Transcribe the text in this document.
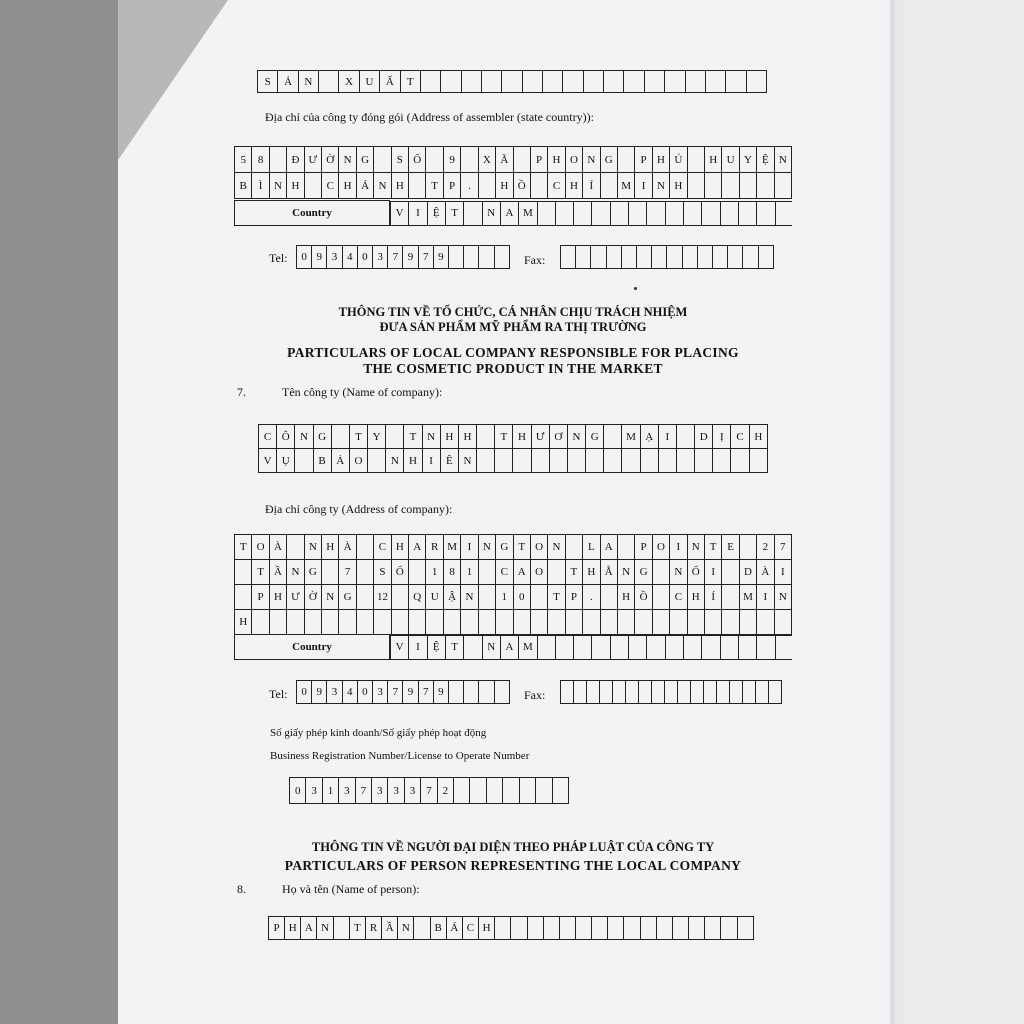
S	Ả	N		X	U	Ấ	T																	
Địa chỉ của công ty đóng gói (Address of assembler (state country)):
5	8		Đ	Ư	Ờ	N	G		S	Ố		9		X	Ã		P	H	O	N	G		P	H	Ú		H	U	Y	Ệ	N
B	Ì	N	H		C	H	Á	N	H		T	P	.		H	Ồ		C	H	Í		M	I	N	H						
Country		V	I	Ệ	T		N	A	M														
Tel: 0	9	3	4	0	3	7	9	7	9					Fax:

THÔNG TIN VỀ TỔ CHỨC, CÁ NHÂN CHỊU TRÁCH NHIỆM
ĐƯA SẢN PHẨM MỸ PHẨM RA THỊ TRƯỜNG
PARTICULARS OF LOCAL COMPANY RESPONSIBLE FOR PLACING
THE COSMETIC PRODUCT IN THE MARKET
7.	Tên công ty (Name of company):
C	Ô	N	G		T	Y		T	N	H	H		T	H	Ư	Ơ	N	G		M	Ạ	I		D	Ị	C	H
V	Ụ		B	Ả	O		N	H	I	Ê	N																
Địa chỉ công ty (Address of company):
T	O	À		N	H	À		C	H	A	R	M	I	N	G	T	O	N		L	A		P	O	I	N	T	E		2	7
	T	Ầ	N	G		7		S	Ố		1	8	1		C	A	O		T	H	Ắ	N	G		N	Ố	I		D	À	I
	P	H	Ư	Ờ	N	G		12		Q	U	Ậ	N		1	0		T	P	.		H	Ồ		C	H	Í		M	I	N
H																															
Country		V	I	Ệ	T		N	A	M														
Tel: 0	9	3	4	0	3	7	9	7	9					Fax:

Số giấy phép kinh doanh/Số giấy phép hoạt động
Business Registration Number/License to Operate Number
0	3	1	3	7	3	3	3	7	2							
THÔNG TIN VỀ NGƯỜI ĐẠI DIỆN THEO PHÁP LUẬT CỦA CÔNG TY
PARTICULARS OF PERSON REPRESENTING THE LOCAL COMPANY
8.	Họ và tên (Name of person):
P	H	A	N		T	R	Ầ	N		B	Á	C	H																
